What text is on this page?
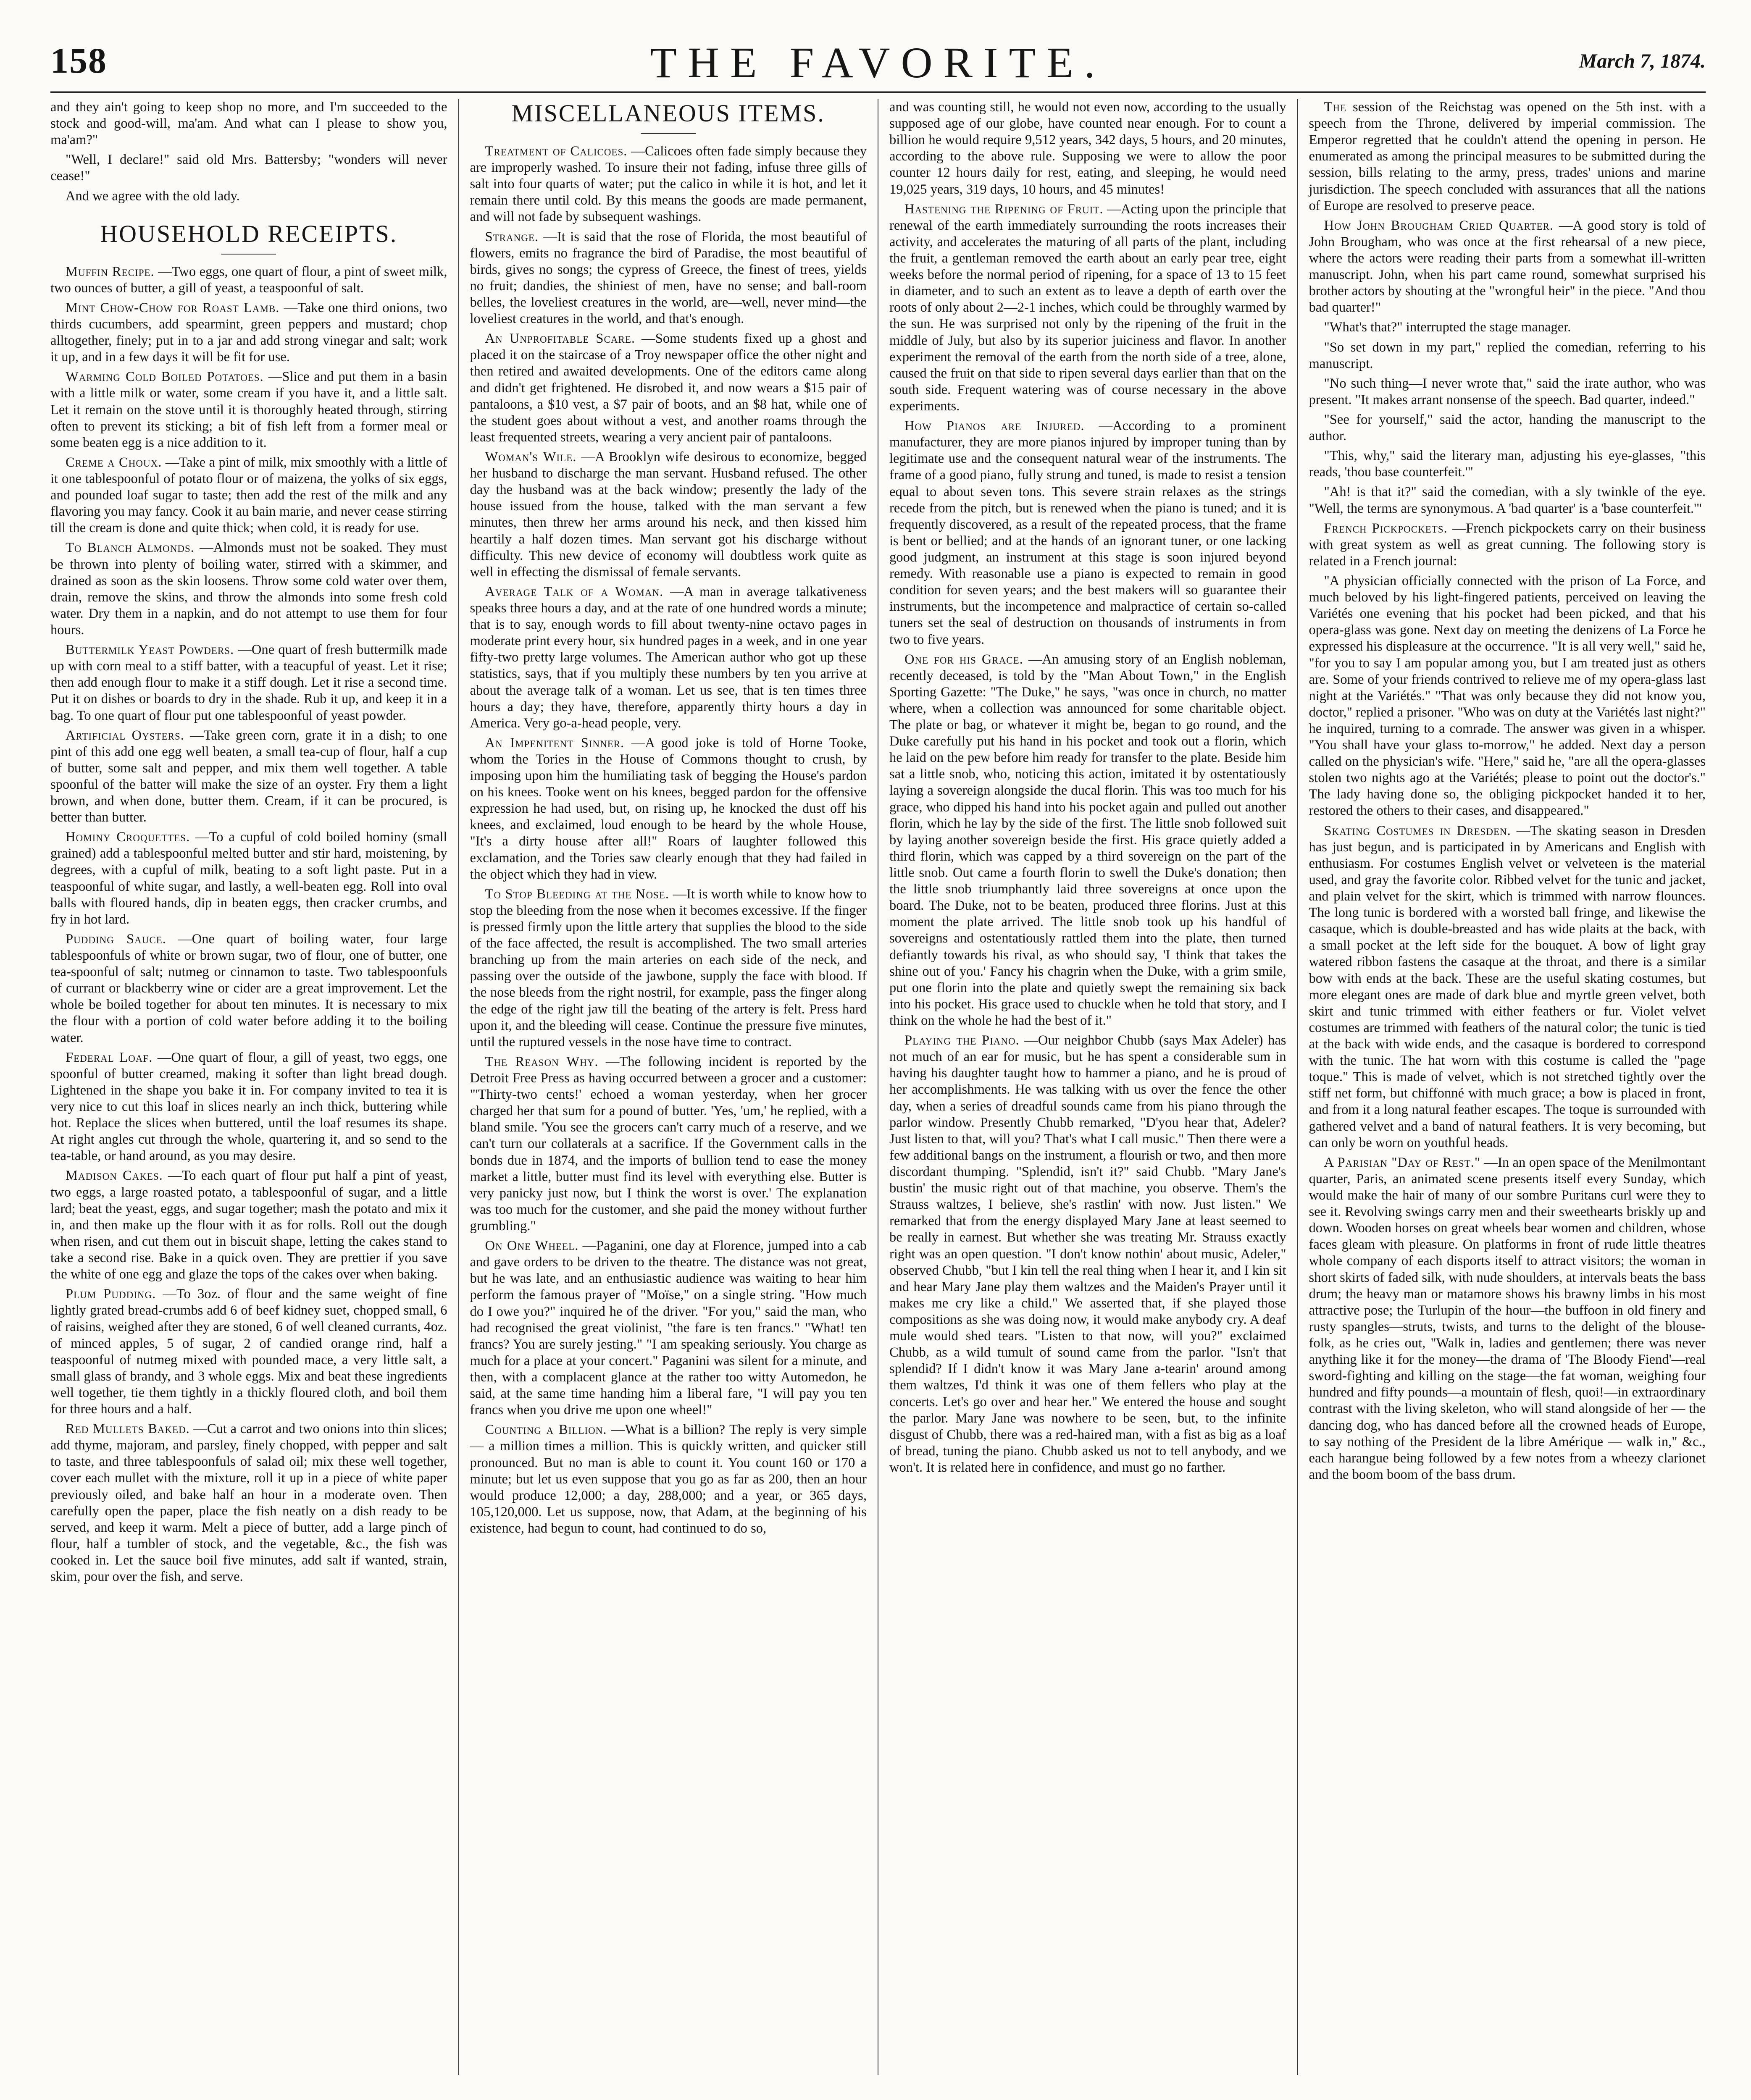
158	THE FAVORITE.	March 7, 1874.

and they ain't going to keep shop no more, and I'm succeeded to the stock and good-will, ma'am. And what can I please to show you, ma'am?"

"Well, I declare!" said old Mrs. Battersby; "wonders will never cease!"

And we agree with the old lady.

HOUSEHOLD RECEIPTS.

Muffin Recipe. —Two eggs, one quart of flour, a pint of sweet milk, two ounces of butter, a gill of yeast, a teaspoonful of salt.

Mint Chow-Chow for Roast Lamb. —Take one third onions, two thirds cucumbers, add spearmint, green peppers and mustard; chop alltogether, finely; put in to a jar and add strong vinegar and salt; work it up, and in a few days it will be fit for use.

Warming Cold Boiled Potatoes. —Slice and put them in a basin with a little milk or water, some cream if you have it, and a little salt. Let it remain on the stove until it is thoroughly heated through, stirring often to prevent its sticking; a bit of fish left from a former meal or some beaten egg is a nice addition to it.

Creme a Choux. —Take a pint of milk, mix smoothly with a little of it one tablespoonful of potato flour or of maizena, the yolks of six eggs, and pounded loaf sugar to taste; then add the rest of the milk and any flavoring you may fancy. Cook it au bain marie, and never cease stirring till the cream is done and quite thick; when cold, it is ready for use.

To Blanch Almonds. —Almonds must not be soaked. They must be thrown into plenty of boiling water, stirred with a skimmer, and drained as soon as the skin loosens. Throw some cold water over them, drain, remove the skins, and throw the almonds into some fresh cold water. Dry them in a napkin, and do not attempt to use them for four hours.

Buttermilk Yeast Powders. —One quart of fresh buttermilk made up with corn meal to a stiff batter, with a teacupful of yeast. Let it rise; then add enough flour to make it a stiff dough. Let it rise a second time. Put it on dishes or boards to dry in the shade. Rub it up, and keep it in a bag. To one quart of flour put one tablespoonful of yeast powder.

Artificial Oysters. —Take green corn, grate it in a dish; to one pint of this add one egg well beaten, a small tea-cup of flour, half a cup of butter, some salt and pepper, and mix them well together. A table spoonful of the batter will make the size of an oyster. Fry them a light brown, and when done, butter them. Cream, if it can be procured, is better than butter.

Hominy Croquettes. —To a cupful of cold boiled hominy (small grained) add a tablespoonful melted butter and stir hard, moistening, by degrees, with a cupful of milk, beating to a soft light paste. Put in a teaspoonful of white sugar, and lastly, a well-beaten egg. Roll into oval balls with floured hands, dip in beaten eggs, then cracker crumbs, and fry in hot lard.

Pudding Sauce. —One quart of boiling water, four large tablespoonfuls of white or brown sugar, two of flour, one of butter, one tea-spoonful of salt; nutmeg or cinnamon to taste. Two tablespoonfuls of currant or blackberry wine or cider are a great improvement. Let the whole be boiled together for about ten minutes. It is necessary to mix the flour with a portion of cold water before adding it to the boiling water.

Federal Loaf. —One quart of flour, a gill of yeast, two eggs, one spoonful of butter creamed, making it softer than light bread dough. Lightened in the shape you bake it in. For company invited to tea it is very nice to cut this loaf in slices nearly an inch thick, buttering while hot. Replace the slices when buttered, until the loaf resumes its shape. At right angles cut through the whole, quartering it, and so send to the tea-table, or hand around, as you may desire.

Madison Cakes. —To each quart of flour put half a pint of yeast, two eggs, a large roasted potato, a tablespoonful of sugar, and a little lard; beat the yeast, eggs, and sugar together; mash the potato and mix it in, and then make up the flour with it as for rolls. Roll out the dough when risen, and cut them out in biscuit shape, letting the cakes stand to take a second rise. Bake in a quick oven. They are prettier if you save the white of one egg and glaze the tops of the cakes over when baking.

Plum Pudding. —To 3oz. of flour and the same weight of fine lightly grated bread-crumbs add 6 of beef kidney suet, chopped small, 6 of raisins, weighed after they are stoned, 6 of well cleaned currants, 4oz. of minced apples, 5 of sugar, 2 of candied orange rind, half a teaspoonful of nutmeg mixed with pounded mace, a very little salt, a small glass of brandy, and 3 whole eggs. Mix and beat these ingredients well together, tie them tightly in a thickly floured cloth, and boil them for three hours and a half.

Red Mullets Baked. —Cut a carrot and two onions into thin slices; add thyme, majoram, and parsley, finely chopped, with pepper and salt to taste, and three tablespoonfuls of salad oil; mix these well together, cover each mullet with the mixture, roll it up in a piece of white paper previously oiled, and bake half an hour in a moderate oven. Then carefully open the paper, place the fish neatly on a dish ready to be served, and keep it warm. Melt a piece of butter, add a large pinch of flour, half a tumbler of stock, and the vegetable, &c., the fish was cooked in. Let the sauce boil five minutes, add salt if wanted, strain, skim, pour over the fish, and serve.

MISCELLANEOUS ITEMS.

Treatment of Calicoes. —Calicoes often fade simply because they are improperly washed. To insure their not fading, infuse three gills of salt into four quarts of water; put the calico in while it is hot, and let it remain there until cold. By this means the goods are made permanent, and will not fade by subsequent washings.

Strange. —It is said that the rose of Florida, the most beautiful of flowers, emits no fragrance the bird of Paradise, the most beautiful of birds, gives no songs; the cypress of Greece, the finest of trees, yields no fruit; dandies, the shiniest of men, have no sense; and ball-room belles, the loveliest creatures in the world, are—well, never mind—the loveliest creatures in the world, and that's enough.

An Unprofitable Scare. —Some students fixed up a ghost and placed it on the staircase of a Troy newspaper office the other night and then retired and awaited developments. One of the editors came along and didn't get frightened. He disrobed it, and now wears a $15 pair of pantaloons, a $10 vest, a $7 pair of boots, and an $8 hat, while one of the student goes about without a vest, and another roams through the least frequented streets, wearing a very ancient pair of pantaloons.

Woman's Wile. —A Brooklyn wife desirous to economize, begged her husband to discharge the man servant. Husband refused. The other day the husband was at the back window; presently the lady of the house issued from the house, talked with the man servant a few minutes, then threw her arms around his neck, and then kissed him heartily a half dozen times. Man servant got his discharge without difficulty. This new device of economy will doubtless work quite as well in effecting the dismissal of female servants.

Average Talk of a Woman. —A man in average talkativeness speaks three hours a day, and at the rate of one hundred words a minute; that is to say, enough words to fill about twenty-nine octavo pages in moderate print every hour, six hundred pages in a week, and in one year fifty-two pretty large volumes. The American author who got up these statistics, says, that if you multiply these numbers by ten you arrive at about the average talk of a woman. Let us see, that is ten times three hours a day; they have, therefore, apparently thirty hours a day in America. Very go-a-head people, very.

An Impenitent Sinner. —A good joke is told of Horne Tooke, whom the Tories in the House of Commons thought to crush, by imposing upon him the humiliating task of begging the House's pardon on his knees. Tooke went on his knees, begged pardon for the offensive expression he had used, but, on rising up, he knocked the dust off his knees, and exclaimed, loud enough to be heard by the whole House, "It's a dirty house after all!" Roars of laughter followed this exclamation, and the Tories saw clearly enough that they had failed in the object which they had in view.

To Stop Bleeding at the Nose. —It is worth while to know how to stop the bleeding from the nose when it becomes excessive. If the finger is pressed firmly upon the little artery that supplies the blood to the side of the face affected, the result is accomplished. The two small arteries branching up from the main arteries on each side of the neck, and passing over the outside of the jawbone, supply the face with blood. If the nose bleeds from the right nostril, for example, pass the finger along the edge of the right jaw till the beating of the artery is felt. Press hard upon it, and the bleeding will cease. Continue the pressure five minutes, until the ruptured vessels in the nose have time to contract.

The Reason Why. —The following incident is reported by the Detroit Free Press as having occurred between a grocer and a customer: "'Thirty-two cents!' echoed a woman yesterday, when her grocer charged her that sum for a pound of butter. 'Yes, 'um,' he replied, with a bland smile. 'You see the grocers can't carry much of a reserve, and we can't turn our collaterals at a sacrifice. If the Government calls in the bonds due in 1874, and the imports of bullion tend to ease the money market a little, butter must find its level with everything else. Butter is very panicky just now, but I think the worst is over.' The explanation was too much for the customer, and she paid the money without further grumbling."

On One Wheel. —Paganini, one day at Florence, jumped into a cab and gave orders to be driven to the theatre. The distance was not great, but he was late, and an enthusiastic audience was waiting to hear him perform the famous prayer of "Moïse," on a single string. "How much do I owe you?" inquired he of the driver. "For you," said the man, who had recognised the great violinist, "the fare is ten francs." "What! ten francs? You are surely jesting." "I am speaking seriously. You charge as much for a place at your concert." Paganini was silent for a minute, and then, with a complacent glance at the rather too witty Automedon, he said, at the same time handing him a liberal fare, "I will pay you ten francs when you drive me upon one wheel!"

Counting a Billion. —What is a billion? The reply is very simple — a million times a million. This is quickly written, and quicker still pronounced. But no man is able to count it. You count 160 or 170 a minute; but let us even suppose that you go as far as 200, then an hour would produce 12,000; a day, 288,000; and a year, or 365 days, 105,120,000. Let us suppose, now, that Adam, at the beginning of his existence, had begun to count, had continued to do so,

and was counting still, he would not even now, according to the usually supposed age of our globe, have counted near enough. For to count a billion he would require 9,512 years, 342 days, 5 hours, and 20 minutes, according to the above rule. Supposing we were to allow the poor counter 12 hours daily for rest, eating, and sleeping, he would need 19,025 years, 319 days, 10 hours, and 45 minutes!

Hastening the Ripening of Fruit. —Acting upon the principle that renewal of the earth immediately surrounding the roots increases their activity, and accelerates the maturing of all parts of the plant, including the fruit, a gentleman removed the earth about an early pear tree, eight weeks before the normal period of ripening, for a space of 13 to 15 feet in diameter, and to such an extent as to leave a depth of earth over the roots of only about 2—2-1 inches, which could be throughly warmed by the sun. He was surprised not only by the ripening of the fruit in the middle of July, but also by its superior juiciness and flavor. In another experiment the removal of the earth from the north side of a tree, alone, caused the fruit on that side to ripen several days earlier than that on the south side. Frequent watering was of course necessary in the above experiments.

How Pianos are Injured. —According to a prominent manufacturer, they are more pianos injured by improper tuning than by legitimate use and the consequent natural wear of the instruments. The frame of a good piano, fully strung and tuned, is made to resist a tension equal to about seven tons. This severe strain relaxes as the strings recede from the pitch, but is renewed when the piano is tuned; and it is frequently discovered, as a result of the repeated process, that the frame is bent or bellied; and at the hands of an ignorant tuner, or one lacking good judgment, an instrument at this stage is soon injured beyond remedy. With reasonable use a piano is expected to remain in good condition for seven years; and the best makers will so guarantee their instruments, but the incompetence and malpractice of certain so-called tuners set the seal of destruction on thousands of instruments in from two to five years.

One for his Grace. —An amusing story of an English nobleman, recently deceased, is told by the "Man About Town," in the English Sporting Gazette: "The Duke," he says, "was once in church, no matter where, when a collection was announced for some charitable object. The plate or bag, or whatever it might be, began to go round, and the Duke carefully put his hand in his pocket and took out a florin, which he laid on the pew before him ready for transfer to the plate. Beside him sat a little snob, who, noticing this action, imitated it by ostentatiously laying a sovereign alongside the ducal florin. This was too much for his grace, who dipped his hand into his pocket again and pulled out another florin, which he lay by the side of the first. The little snob followed suit by laying another sovereign beside the first. His grace quietly added a third florin, which was capped by a third sovereign on the part of the little snob. Out came a fourth florin to swell the Duke's donation; then the little snob triumphantly laid three sovereigns at once upon the board. The Duke, not to be beaten, produced three florins. Just at this moment the plate arrived. The little snob took up his handful of sovereigns and ostentatiously rattled them into the plate, then turned defiantly towards his rival, as who should say, 'I think that takes the shine out of you.' Fancy his chagrin when the Duke, with a grim smile, put one florin into the plate and quietly swept the remaining six back into his pocket. His grace used to chuckle when he told that story, and I think on the whole he had the best of it."

Playing the Piano. —Our neighbor Chubb (says Max Adeler) has not much of an ear for music, but he has spent a considerable sum in having his daughter taught how to hammer a piano, and he is proud of her accomplishments. He was talking with us over the fence the other day, when a series of dreadful sounds came from his piano through the parlor window. Presently Chubb remarked, "D'you hear that, Adeler? Just listen to that, will you? That's what I call music." Then there were a few additional bangs on the instrument, a flourish or two, and then more discordant thumping. "Splendid, isn't it?" said Chubb. "Mary Jane's bustin' the music right out of that machine, you observe. Them's the Strauss waltzes, I believe, she's rastlin' with now. Just listen." We remarked that from the energy displayed Mary Jane at least seemed to be really in earnest. But whether she was treating Mr. Strauss exactly right was an open question. "I don't know nothin' about music, Adeler," observed Chubb, "but I kin tell the real thing when I hear it, and I kin sit and hear Mary Jane play them waltzes and the Maiden's Prayer until it makes me cry like a child." We asserted that, if she played those compositions as she was doing now, it would make anybody cry. A deaf mule would shed tears. "Listen to that now, will you?" exclaimed Chubb, as a wild tumult of sound came from the parlor. "Isn't that splendid? If I didn't know it was Mary Jane a-tearin' around among them waltzes, I'd think it was one of them fellers who play at the concerts. Let's go over and hear her." We entered the house and sought the parlor. Mary Jane was nowhere to be seen, but, to the infinite disgust of Chubb, there was a red-haired man, with a fist as big as a loaf of bread, tuning the piano. Chubb asked us not to tell anybody, and we won't. It is related here in confidence, and must go no farther.

The session of the Reichstag was opened on the 5th inst. with a speech from the Throne, delivered by imperial commission. The Emperor regretted that he couldn't attend the opening in person. He enumerated as among the principal measures to be submitted during the session, bills relating to the army, press, trades' unions and marine jurisdiction. The speech concluded with assurances that all the nations of Europe are resolved to preserve peace.

How John Brougham Cried Quarter. —A good story is told of John Brougham, who was once at the first rehearsal of a new piece, where the actors were reading their parts from a somewhat ill-written manuscript. John, when his part came round, somewhat surprised his brother actors by shouting at the "wrongful heir" in the piece. "And thou bad quarter!"

"What's that?" interrupted the stage manager.

"So set down in my part," replied the comedian, referring to his manuscript.

"No such thing—I never wrote that," said the irate author, who was present. "It makes arrant nonsense of the speech. Bad quarter, indeed."

"See for yourself," said the actor, handing the manuscript to the author.

"This, why," said the literary man, adjusting his eye-glasses, "this reads, 'thou base counterfeit.'"

"Ah! is that it?" said the comedian, with a sly twinkle of the eye. "Well, the terms are synonymous. A 'bad quarter' is a 'base counterfeit.'"

French Pickpockets. —French pickpockets carry on their business with great system as well as great cunning. The following story is related in a French journal:

"A physician officially connected with the prison of La Force, and much beloved by his light-fingered patients, perceived on leaving the Variétés one evening that his pocket had been picked, and that his opera-glass was gone. Next day on meeting the denizens of La Force he expressed his displeasure at the occurrence. "It is all very well," said he, "for you to say I am popular among you, but I am treated just as others are. Some of your friends contrived to relieve me of my opera-glass last night at the Variétés." "That was only because they did not know you, doctor," replied a prisoner. "Who was on duty at the Variétés last night?" he inquired, turning to a comrade. The answer was given in a whisper. "You shall have your glass to-morrow," he added. Next day a person called on the physician's wife. "Here," said he, "are all the opera-glasses stolen two nights ago at the Variétés; please to point out the doctor's." The lady having done so, the obliging pickpocket handed it to her, restored the others to their cases, and disappeared."

Skating Costumes in Dresden. —The skating season in Dresden has just begun, and is participated in by Americans and English with enthusiasm. For costumes English velvet or velveteen is the material used, and gray the favorite color. Ribbed velvet for the tunic and jacket, and plain velvet for the skirt, which is trimmed with narrow flounces. The long tunic is bordered with a worsted ball fringe, and likewise the casaque, which is double-breasted and has wide plaits at the back, with a small pocket at the left side for the bouquet. A bow of light gray watered ribbon fastens the casaque at the throat, and there is a similar bow with ends at the back. These are the useful skating costumes, but more elegant ones are made of dark blue and myrtle green velvet, both skirt and tunic trimmed with either feathers or fur. Violet velvet costumes are trimmed with feathers of the natural color; the tunic is tied at the back with wide ends, and the casaque is bordered to correspond with the tunic. The hat worn with this costume is called the "page toque." This is made of velvet, which is not stretched tightly over the stiff net form, but chiffonné with much grace; a bow is placed in front, and from it a long natural feather escapes. The toque is surrounded with gathered velvet and a band of natural feathers. It is very becoming, but can only be worn on youthful heads.

A Parisian "Day of Rest." —In an open space of the Menilmontant quarter, Paris, an animated scene presents itself every Sunday, which would make the hair of many of our sombre Puritans curl were they to see it. Revolving swings carry men and their sweethearts briskly up and down. Wooden horses on great wheels bear women and children, whose faces gleam with pleasure. On platforms in front of rude little theatres whole company of each disports itself to attract visitors; the woman in short skirts of faded silk, with nude shoulders, at intervals beats the bass drum; the heavy man or matamore shows his brawny limbs in his most attractive pose; the Turlupin of the hour—the buffoon in old finery and rusty spangles—struts, twists, and turns to the delight of the blouse-folk, as he cries out, "Walk in, ladies and gentlemen; there was never anything like it for the money—the drama of 'The Bloody Fiend'—real sword-fighting and killing on the stage—the fat woman, weighing four hundred and fifty pounds—a mountain of flesh, quoi!—in extraordinary contrast with the living skeleton, who will stand alongside of her — the dancing dog, who has danced before all the crowned heads of Europe, to say nothing of the President de la libre Amérique — walk in," &c., each harangue being followed by a few notes from a wheezy clarionet and the boom boom of the bass drum.
